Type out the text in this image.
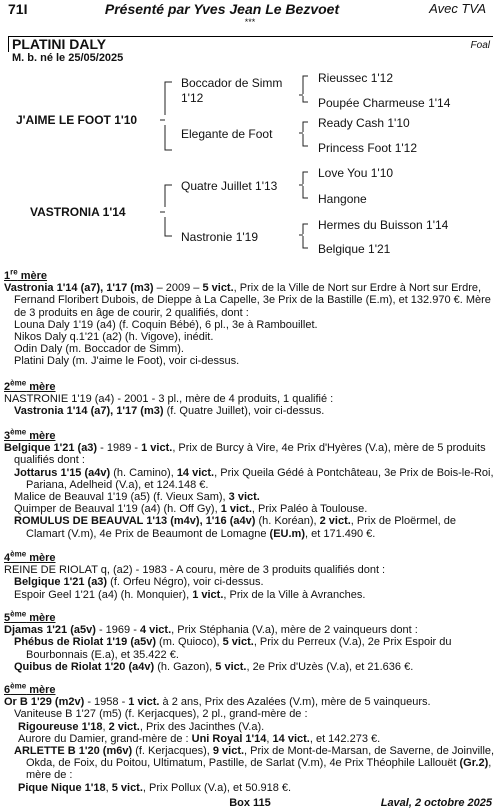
71I	Présenté par Yves Jean Le Bezvoet	Avec TVA
***
PLATINI DALY	Foal
M. b. né le 25/05/2025
J'AIME LE FOOT 1'10
VASTRONIA 1'14
Boccador de Simm
1'12
Elegante de Foot
Quatre Juillet 1'13
Nastronie 1'19
Rieussec 1'12
Poupée Charmeuse 1'14
Ready Cash 1'10
Princess Foot 1'12
Love You 1'10
Hangone
Hermes du Buisson 1'14
Belgique 1'21

1re mère

Vastronia 1'14 (a7), 1'17 (m3) – 2009 – 5 vict., Prix de la Ville de Nort sur Erdre à Nort sur Erdre, Fernand Floribert Dubois, de Dieppe à La Capelle, 3e Prix de la Bastille (E.m), et 132.970 €. Mère de 3 produits en âge de courir, 2 qualifiés, dont :

Louna Daly 1'19 (a4) (f. Coquin Bébé), 6 pl., 3e à Rambouillet.

Nikos Daly q.1'21 (a2) (h. Vigove), inédit.

Odin Daly (m. Boccador de Simm).

Platini Daly (m. J'aime le Foot), voir ci-dessus.

2ème mère

NASTRONIE 1'19 (a4) - 2001 - 3 pl., mère de 4 produits, 1 qualifié :

Vastronia 1'14 (a7), 1'17 (m3) (f. Quatre Juillet), voir ci-dessus.

3ème mère

Belgique 1'21 (a3) - 1989 - 1 vict., Prix de Burcy à Vire, 4e Prix d'Hyères (V.a), mère de 5 produits qualifiés dont :

Jottarus 1'15 (a4v) (h. Camino), 14 vict., Prix Queila Gédé à Pontchâteau, 3e Prix de Bois-le-Roi, Pariana, Adelheid (V.a), et 124.148 €.

Malice de Beauval 1'19 (a5) (f. Vieux Sam), 3 vict.

Quimper de Beauval 1'19 (a4) (h. Off Gy), 1 vict., Prix Paléo à Toulouse.

ROMULUS DE BEAUVAL 1'13 (m4v), 1'16 (a4v) (h. Koréan), 2 vict., Prix de Ploërmel, de Clamart (V.m), 4e Prix de Beaumont de Lomagne (EU.m), et 171.490 €.

4ème mère

REINE DE RIOLAT q, (a2) - 1983 - A couru, mère de 3 produits qualifiés dont :

Belgique 1'21 (a3) (f. Orfeu Négro), voir ci-dessus.

Espoir Geel 1'21 (a4) (h. Monquier), 1 vict., Prix de la Ville à Avranches.

5ème mère

Djamas 1'21 (a5v) - 1969 - 4 vict., Prix Stéphania (V.a), mère de 2 vainqueurs dont :

Phébus de Riolat 1'19 (a5v) (m. Quioco), 5 vict., Prix du Perreux (V.a), 2e Prix Espoir du Bourbonnais (E.a), et 35.422 €.

Quibus de Riolat 1'20 (a4v) (h. Gazon), 5 vict., 2e Prix d'Uzès (V.a), et 21.636 €.

6ème mère

Or B 1'29 (m2v) - 1958 - 1 vict. à 2 ans, Prix des Azalées (V.m), mère de 5 vainqueurs.

Vaniteuse B 1'27 (m5) (f. Kerjacques), 2 pl., grand-mère de :

Rigoureuse 1'18, 2 vict., Prix des Jacinthes (V.a).

Aurore du Damier, grand-mère de : Uni Royal 1'14, 14 vict., et 142.273 €.

ARLETTE B 1'20 (m6v) (f. Kerjacques), 9 vict., Prix de Mont-de-Marsan, de Saverne, de Joinville, Okda, de Foix, du Poitou, Ultimatum, Pastille, de Sarlat (V.m), 4e Prix Théophile Lallouët (Gr.2), mère de :

Pique Nique 1'18, 5 vict., Prix Pollux (V.a), et 50.918 €.

Box 115	Laval, 2 octobre 2025
